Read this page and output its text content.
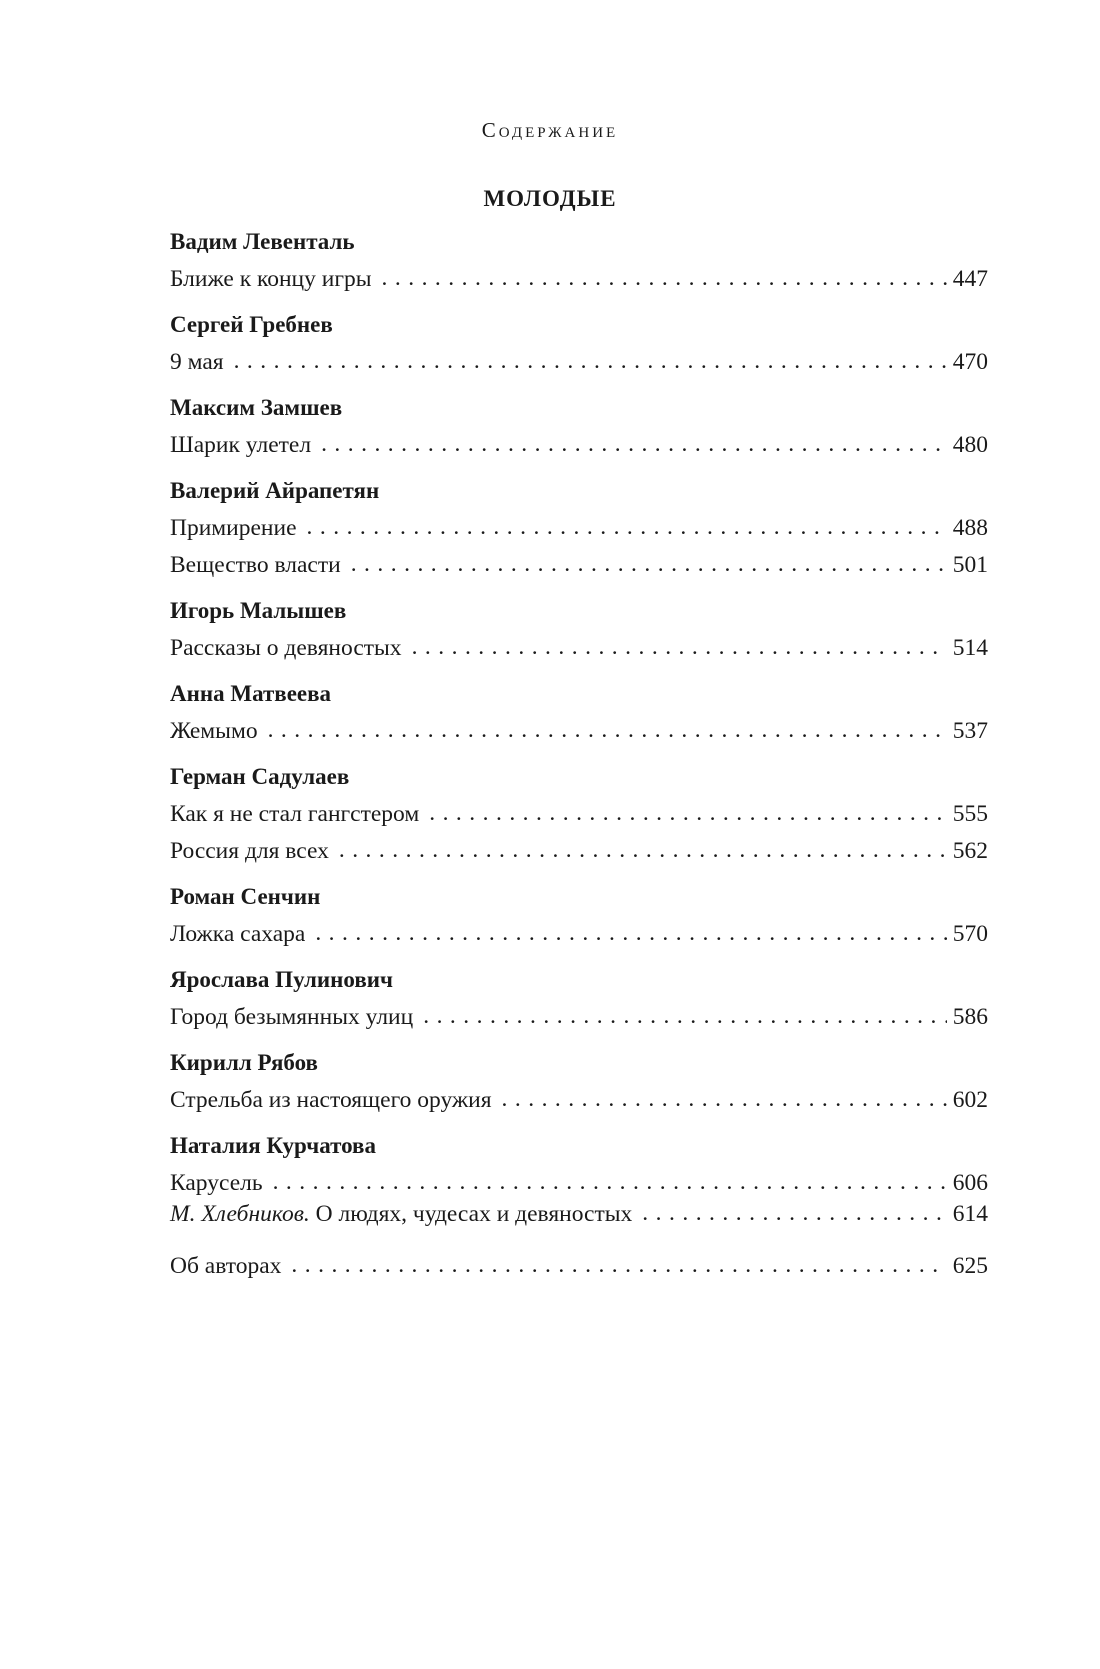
Содержание
МОЛОДЫЕ
Вадим Левенталь
Ближе к концу игры . . .	447
Сергей Гребнев
9 мая . . .	470
Максим Замшев
Шарик улетел . . .	480
Валерий Айрапетян
Примирение . . .	488
Вещество власти . . .	501
Игорь Малышев
Рассказы о девяностых . . .	514
Анна Матвеева
Жемымо . . .	537
Герман Садулаев
Как я не стал гангстером . . .	555
Россия для всех . . .	562
Роман Сенчин
Ложка сахара . . .	570
Ярослава Пулинович
Город безымянных улиц . . .	586
Кирилл Рябов
Стрельба из настоящего оружия . . .	602
Наталия Курчатова
Карусель . . .	606
М. Хлебников. О людях, чудесах и девяностых . . .	614
Об авторах . . .	625
